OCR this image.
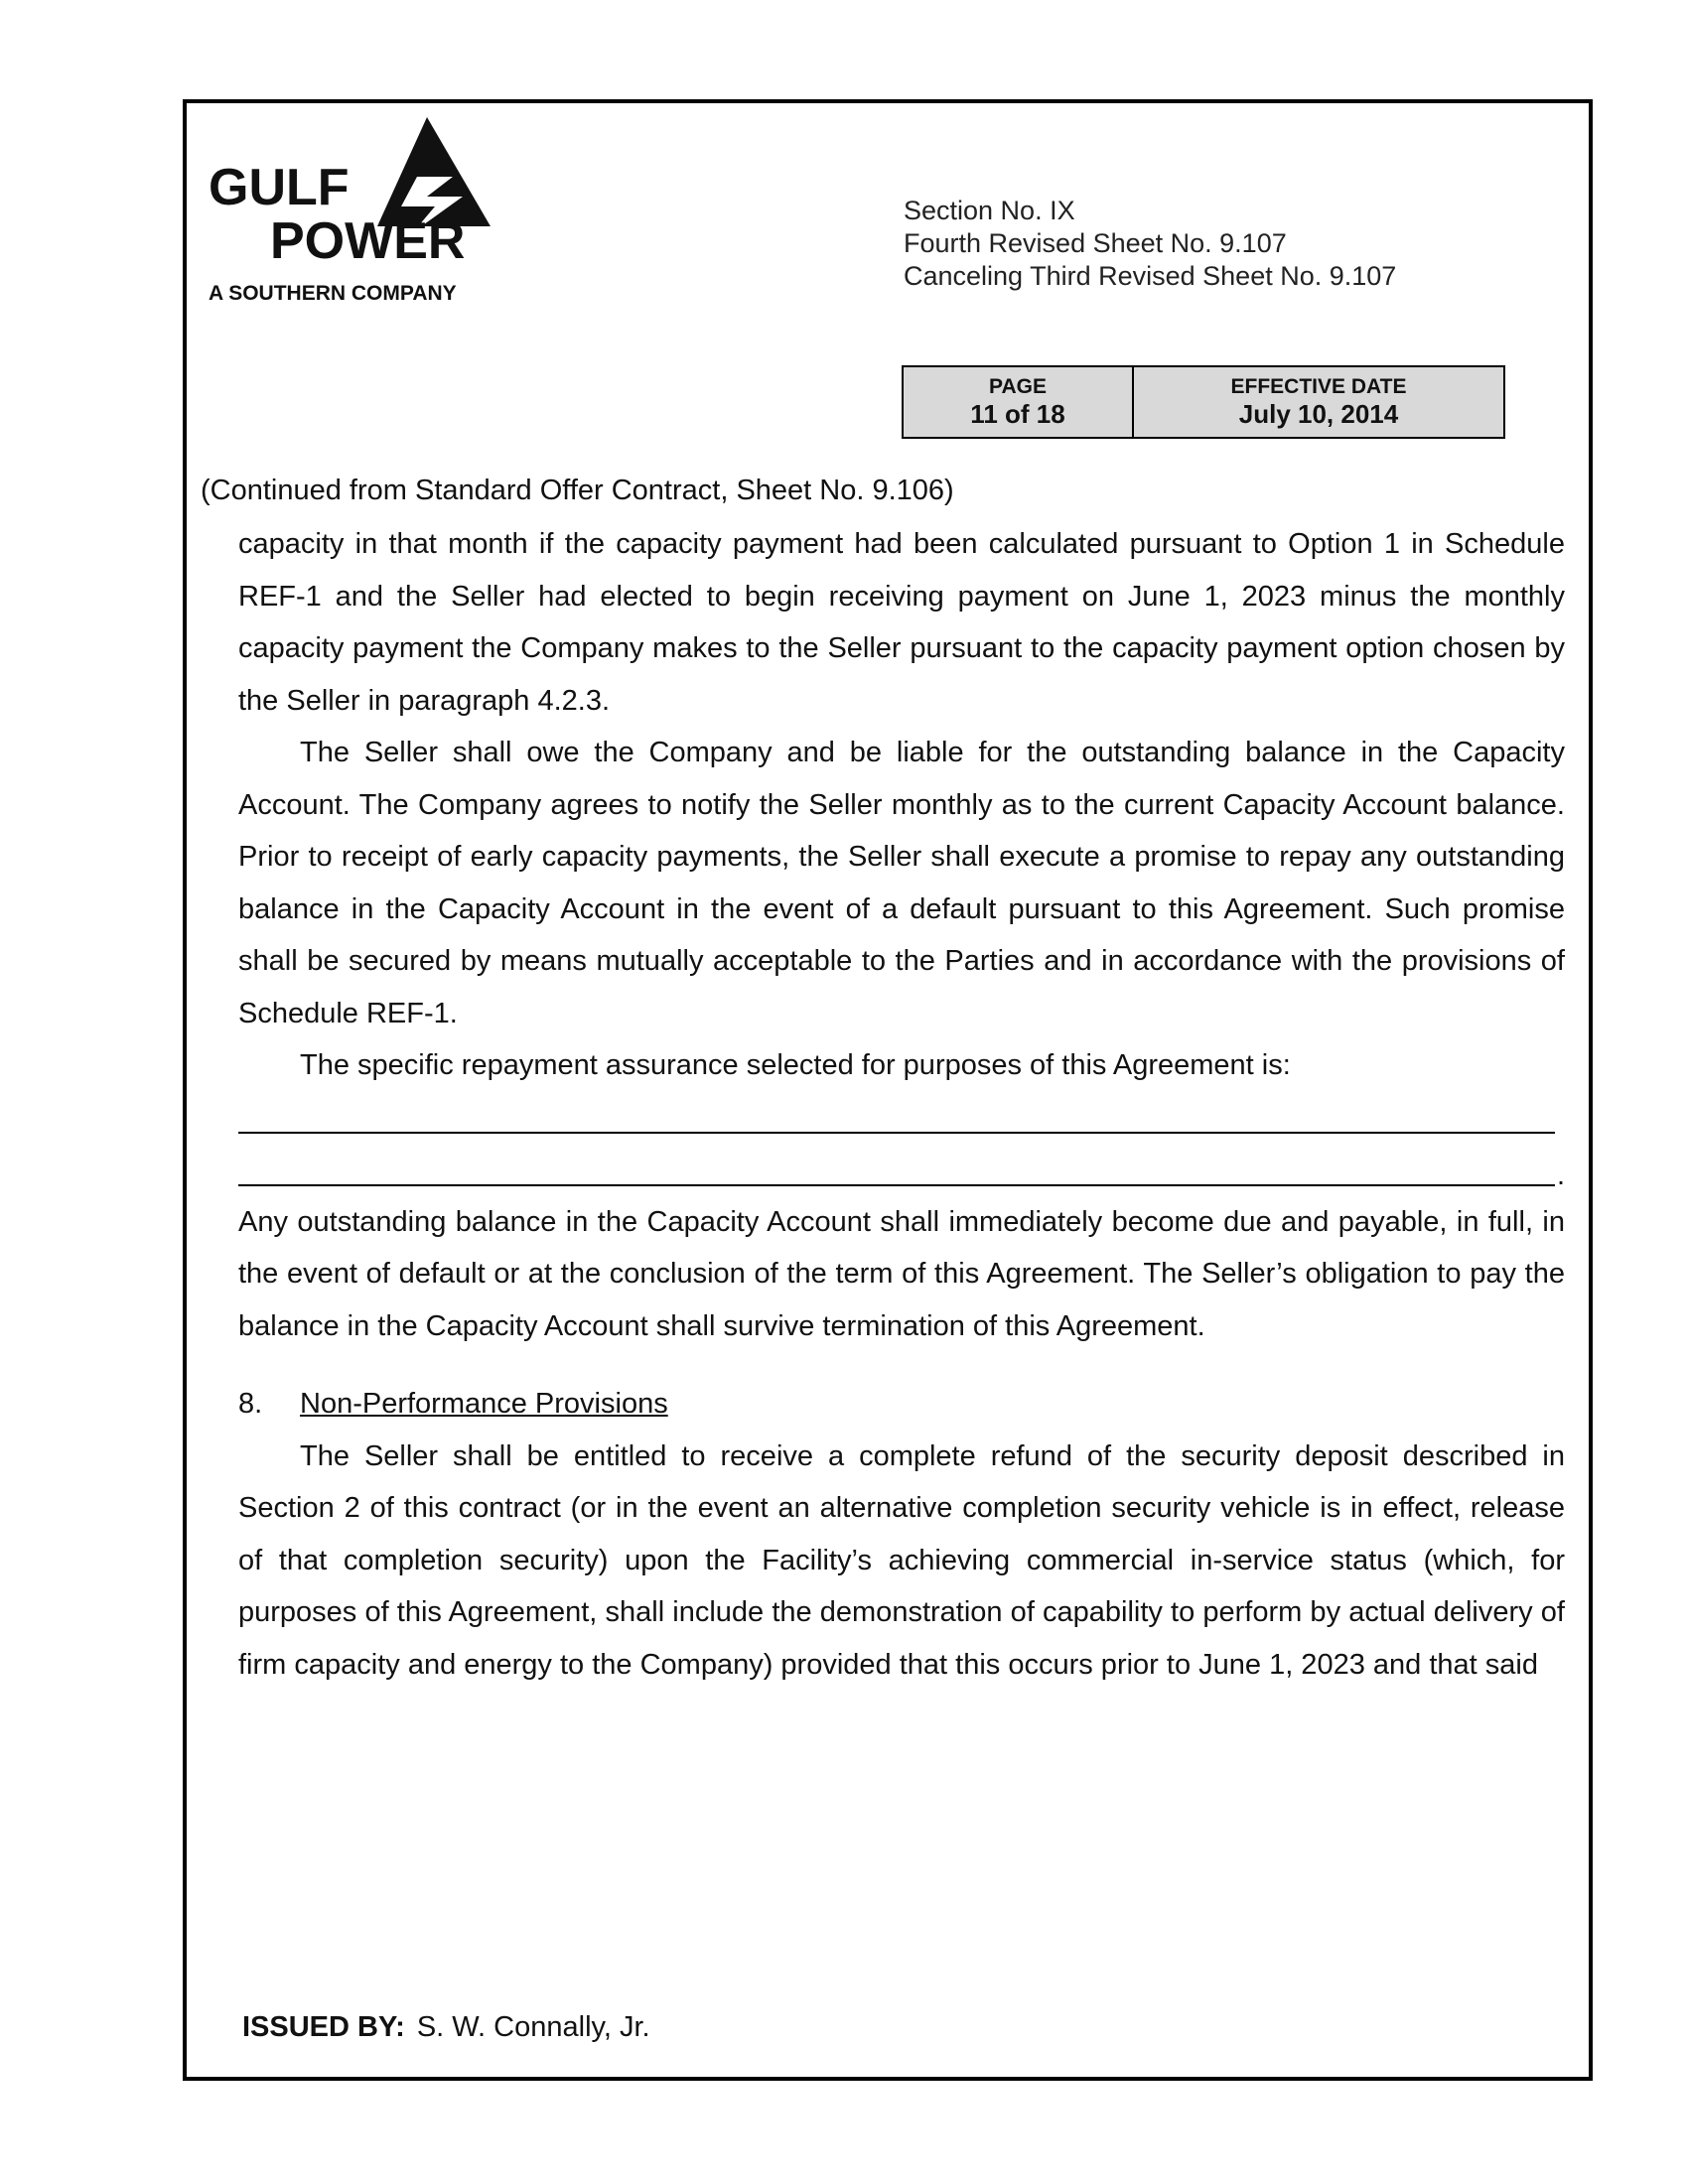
GULF
POWER
A SOUTHERN COMPANY
Section No. IX
Fourth Revised Sheet No. 9.107
Canceling Third Revised Sheet No. 9.107
PAGE
11 of 18
EFFECTIVE DATE
July 10, 2014
(Continued from Standard Offer Contract, Sheet No. 9.106)

capacity in that month if the capacity payment had been calculated pursuant to Option 1 in Schedule REF-1 and the Seller had elected to begin receiving payment on June 1, 2023 minus the monthly capacity payment the Company makes to the Seller pursuant to the capacity payment option chosen by the Seller in paragraph 4.2.3.

The Seller shall owe the Company and be liable for the outstanding balance in the Capacity Account. The Company agrees to notify the Seller monthly as to the current Capacity Account balance. Prior to receipt of early capacity payments, the Seller shall execute a promise to repay any outstanding balance in the Capacity Account in the event of a default pursuant to this Agreement. Such promise shall be secured by means mutually acceptable to the Parties and in accordance with the provisions of Schedule REF-1.

The specific repayment assurance selected for purposes of this Agreement is:

.

Any outstanding balance in the Capacity Account shall immediately become due and payable, in full, in the event of default or at the conclusion of the term of this Agreement. The Seller’s obligation to pay the balance in the Capacity Account shall survive termination of this Agreement.

8.	Non-Performance Provisions

The Seller shall be entitled to receive a complete refund of the security deposit described in Section 2 of this contract (or in the event an alternative completion security vehicle is in effect, release of that completion security) upon the Facility’s achieving commercial in-service status (which, for purposes of this Agreement, shall include the demonstration of capability to perform by actual delivery of firm capacity and energy to the Company) provided that this occurs prior to June 1, 2023 and that said

ISSUED BY: S. W. Connally, Jr.
